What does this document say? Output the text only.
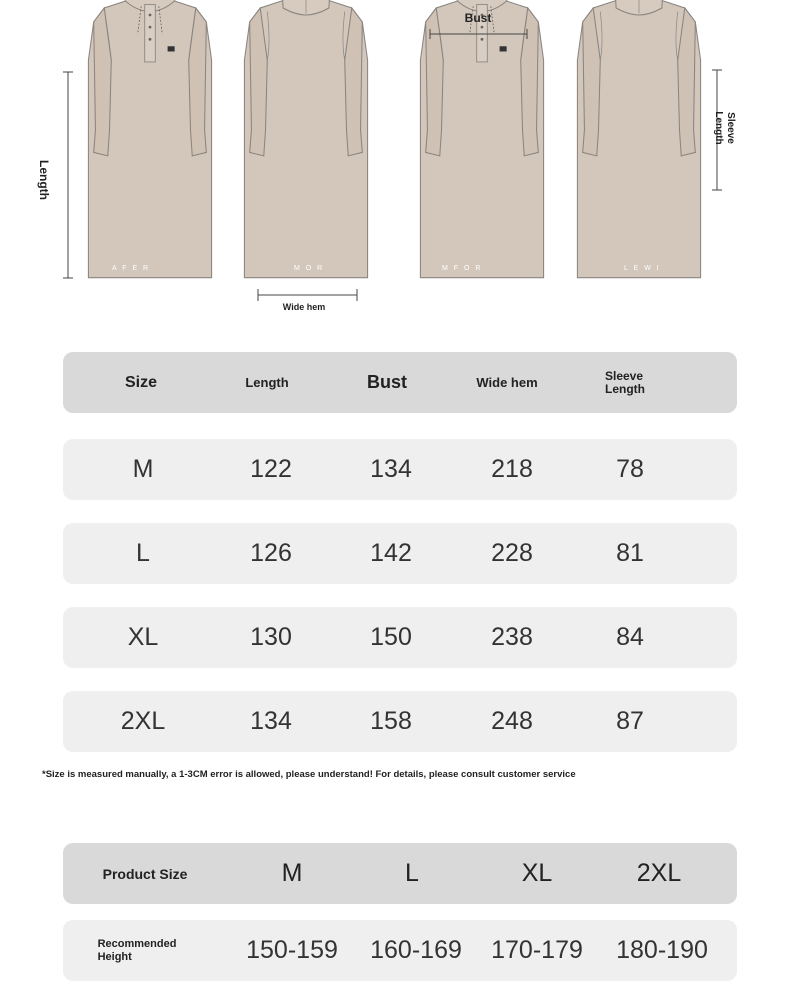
A F E R	M O R	M F O R	L E W I
Length
Bust
Wide hem
Sleeve
Length
Size	Length	Bust	Wide hem	Sleeve
Length
M	122	134	218	78
L	126	142	228	81
XL	130	150	238	84
2XL	134	158	248	87
*Size is measured manually, a 1-3CM error is allowed, please understand! For details, please consult customer service
Product Size	M	L	XL	2XL
Recommended
Height	150-159 160-169 170-179 180-190
